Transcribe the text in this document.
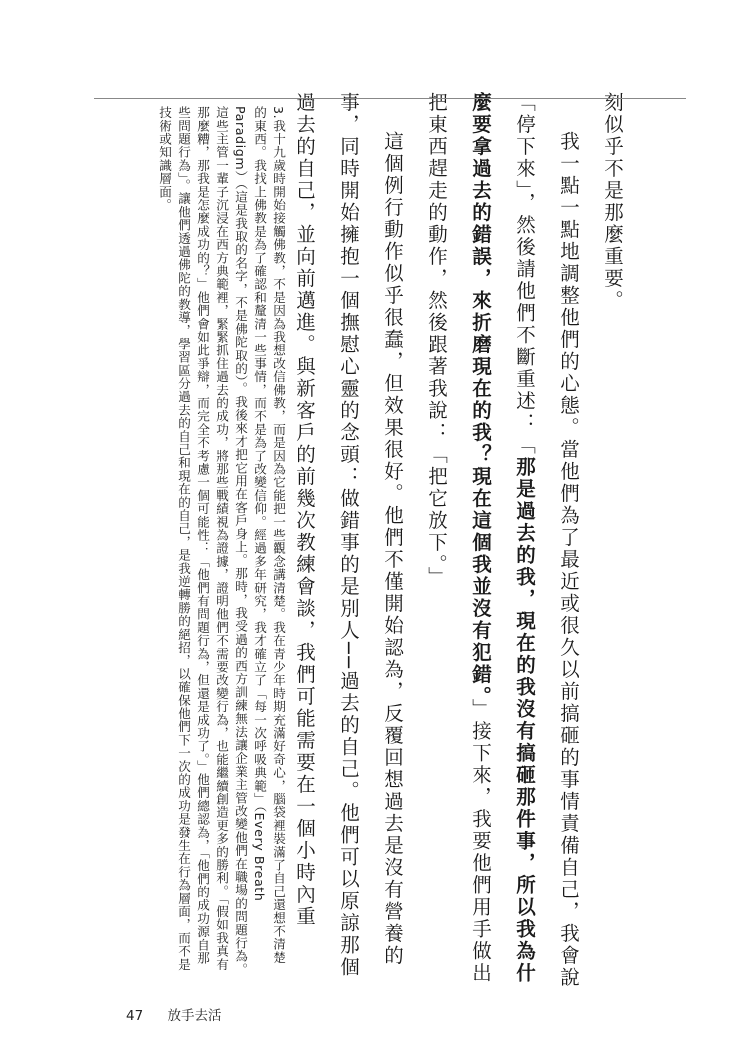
刻似乎不是那麼重要。

我一點一點地調整他們的心態。當他們為了最近或很久以前搞砸的事情責備自己，我會說「停下來」，然後請他們不斷重述：「那是過去的我，現在的我沒有搞砸那件事，所以我為什麼要拿過去的錯誤，來折磨現在的我？現在這個我並沒有犯錯。」接下來，我要他們用手做出把東西趕走的動作，然後跟著我說：「把它放下。」

這個例行動作似乎很蠢，但效果很好。他們不僅開始認為，反覆回想過去是沒有營養的事，同時開始擁抱一個撫慰心靈的念頭：做錯事的是別人──過去的自己。他們可以原諒那個過去的自己，並向前邁進。與新客戶的前幾次教練會談，我們可能需要在一個小時內重

3.我十九歲時開始接觸佛教，不是因為我想改信佛教，而是因為它能把一些觀念講清楚。我在青少年時期充滿好奇心，腦袋裡裝滿了自己還想不清楚的東西。我找上佛教是為了確認和釐清一些事情，而不是為了改變信仰。經過多年研究，我才確立了「每一次呼吸典範」（Every Breath Paradigm）（這是我取的名字，不是佛陀取的）。我後來才把它用在客戶身上。那時，我受過的西方訓練無法讓企業主管改變他們在職場的問題行為。這些主管一輩子沉浸在西方典範裡，緊緊抓住過去的成功，將那些戰績視為證據，證明他們不需要改變行為，也能繼續創造更多的勝利。「假如我真有那麼糟，那我是怎麼成功的？」他們會如此爭辯，而完全不考慮一個可能性：「他們有問題行為，但還是成功了。」他們總認為，「他們的成功源自那些問題行為」。讓他們透過佛陀的教導，學習區分過去的自己和現在的自己，是我逆轉勝的絕招，以確保他們下一次的成功是發生在行為層面，而不是技術或知識層面。

47 放手去活
